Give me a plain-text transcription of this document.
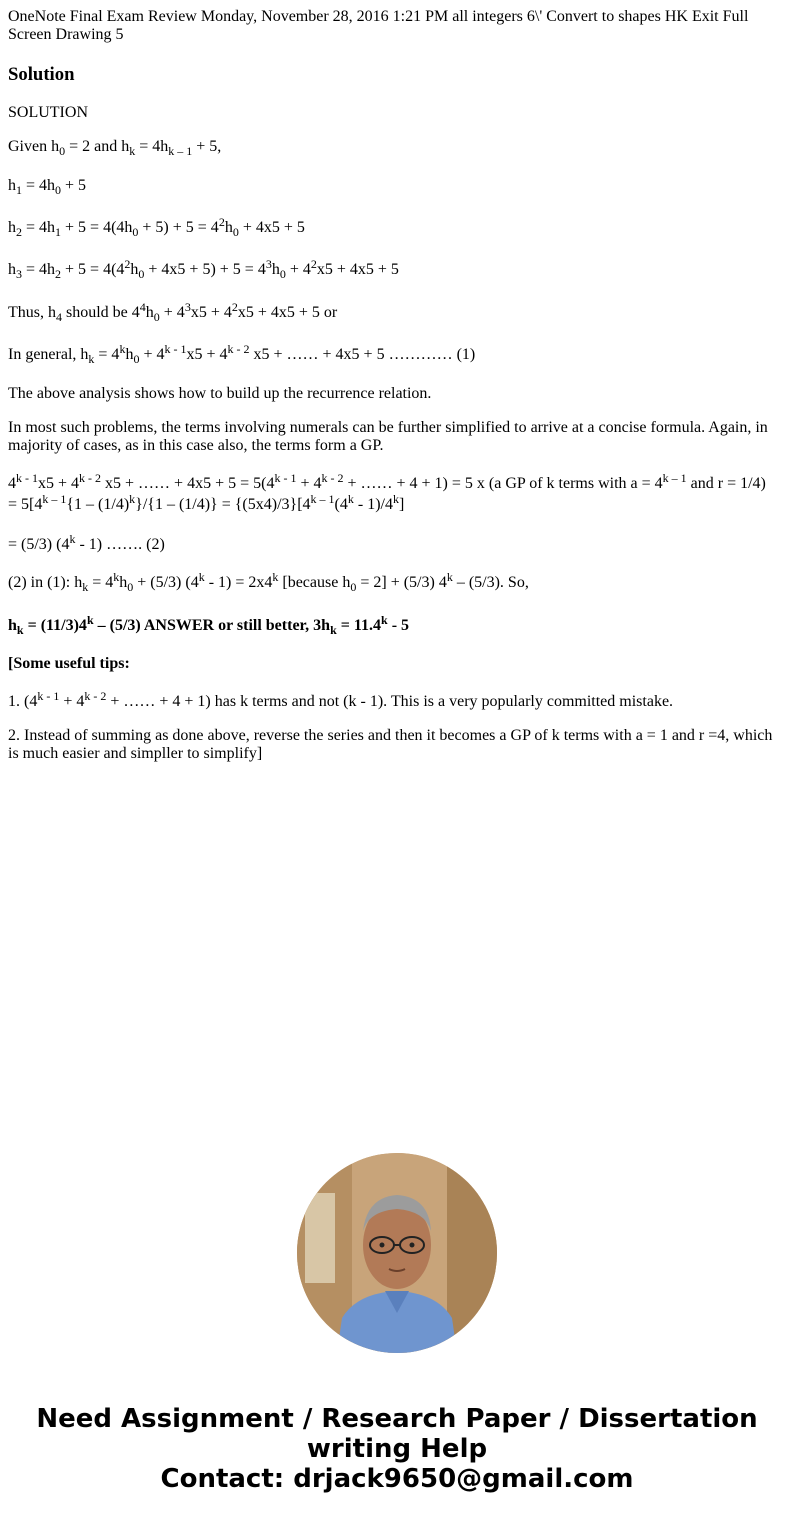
OneNote Final Exam Review Monday, November 28, 2016 1:21 PM all integers 6\' Convert to shapes HK Exit Full Screen Drawing 5
Solution
SOLUTION
Given $h_0 = 2$ and $h_k = 4h_{k - 1} + 5$,
$h_1 = 4h_0 + 5$
$h_2 = 4h_1 + 5 = 4(4h_0 + 5) + 5 = 4^2h_0 + 4x5 + 5$
$h_3 = 4h_2 + 5 = 4(4^2h_0 + 4x5 + 5) + 5 = 4^3h_0 + 4^2x5 + 4x5 + 5$
Thus, $h_4$ should be $4^4h_0 + 4^3x5 + 4^2x5 + 4x5 + 5$ or
In general, $h_k = 4^kh_0 + 4^{k - 1}x5 + 4^{k - 2}$ x5 + …… + 4x5 + 5 ………… (1)
The above analysis shows how to build up the recurrence relation.
In most such problems, the terms involving numerals can be further simplified to arrive at a concise formula. Again, in majority of cases, as in this case also, the terms form a GP.
$4^{k - 1}x5 + 4^{k - 2}$ x5 + …… + $4x5 + 5 = 5(4^{k - 1} + 4^{k - 2}$ + …… + 4 + 1) = 5 x (a GP of k terms with $a = 4^{k - 1}$ and r = 1/4)
= $5[4^{k - 1}\{1 - (1/4)^k\}/\{1 - (1/4)\} = \{(5x4)/3\}[4^{k - 1}(4^k - 1)/4^k]$
= (5/3) (4$^k$ - 1) ……. (2)
(2) in (1): $h_k = 4^kh_0 + (5/3)$ $(4^k - 1) = 2x4^k$ [because $h_0 = 2] + (5/3)$ 4$^k$ – (5/3). So,
$h_k = (11/3)4^k - (5/3)$ ANSWER or still better, $3h_k = 11.4^k - 5$
[Some useful tips:
1. ($4^{k - 1} + 4^{k - 2}$ + …… + 4 + 1) has k terms and not (k - 1). This is a very popularly committed mistake.
2. Instead of summing as done above, reverse the series and then it becomes a GP of k terms with a = 1 and r =4, which is much easier and simpller to simplify]
Need Assignment / Research Paper / Dissertation
writing Help
Contact: drjack9650@gmail.com
